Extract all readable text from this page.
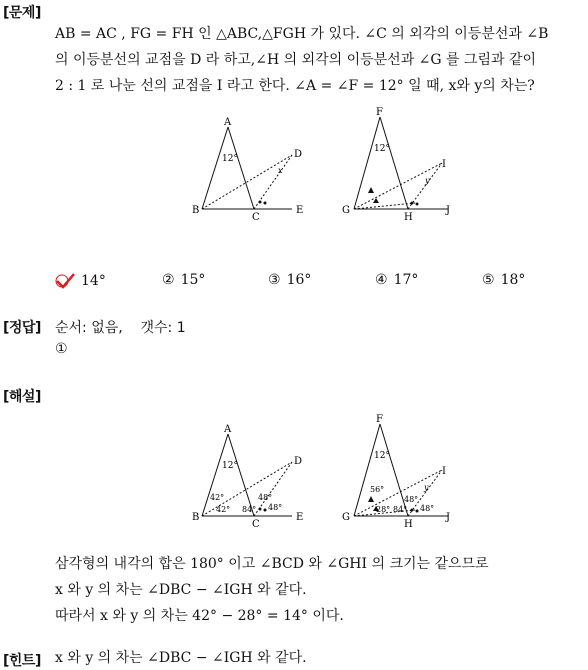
[문제]
AB = AC , FG = FH 인 △ABC,△FGH 가 있다. ∠C 의 외각의 이등분선과 ∠B
의 이등분선의 교점을 D 라 하고,∠H 의 외각의 이등분선과 ∠G 를 그림과 같이
2 : 1 로 나눈 선의 교점을 I 라고 한다. ∠A = ∠F = 12° 일 때, x와 y의 차는?
A
B
C
D
E
12°
x
F
G
H
I
J
12°
y
14°	② 15°	③ 16°	④ 17°	⑤ 18°
[정답] 순서: 없음,    갯수: 1
①
[해설]
A
B
C
D
E
12°
42°
42° 84°
48°
48°
F
G
H
I
J
12°
56°
28° 84°
48°
48°
y
삼각형의 내각의 합은 180° 이고 ∠BCD 와 ∠GHI 의 크기는 같으므로
x 와 y 의 차는 ∠DBC − ∠IGH 와 같다.
따라서 x 와 y 의 차는 42° − 28° = 14° 이다.
[힌트] x 와 y 의 차는 ∠DBC − ∠IGH 와 같다.
